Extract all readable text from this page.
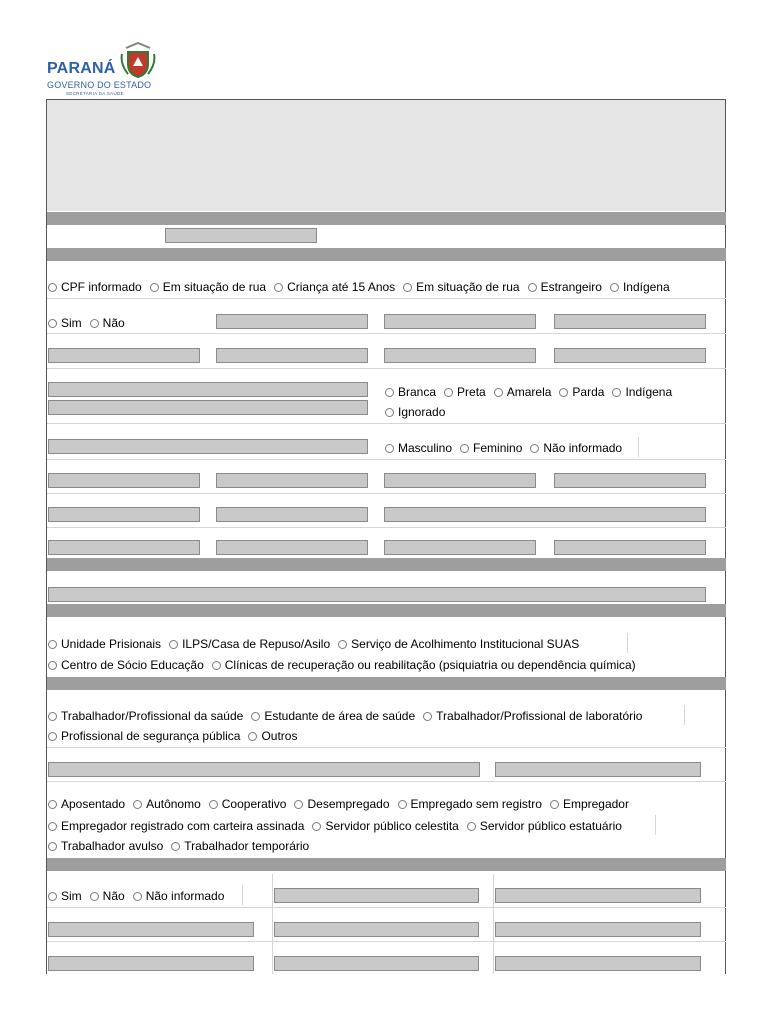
PARANÁ
GOVERNO DO ESTADO
SECRETARIA DA SAÚDE
CPF informado Em situação de rua Criança até 15 Anos Em situação de rua Estrangeiro Indígena
Sim Não
Branca Preta Amarela Parda Indígena
Ignorado
Masculino Feminino Não informado
Unidade Prisionais ILPS/Casa de Repuso/Asilo Serviço de Acolhimento Institucional SUAS
Centro de Sócio Educação Clínicas de recuperação ou reabilitação (psiquiatria ou dependência química)
Trabalhador/Profissional da saúde Estudante de área de saúde Trabalhador/Profissional de laboratório
Profissional de segurança pública Outros
Aposentado Autônomo Cooperativo Desempregado Empregado sem registro Empregador
Empregador registrado com carteira assinada Servidor público celestita Servidor público estatuário
Trabalhador avulso Trabalhador temporário
Sim Não Não informado
